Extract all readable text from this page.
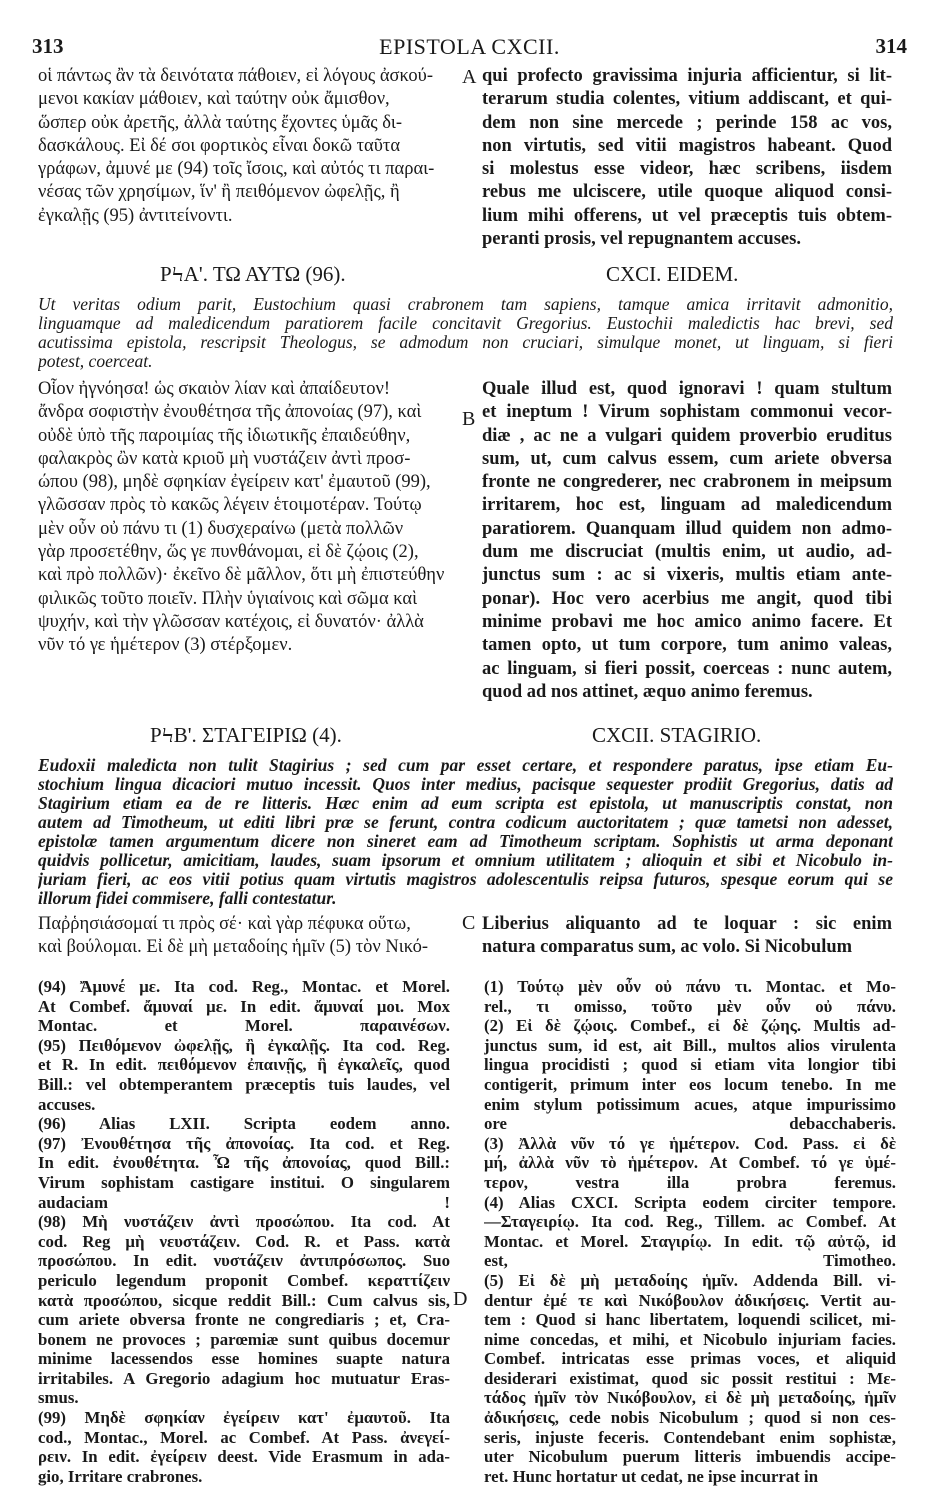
313	EPISTOLA CXCII.	314
οἱ πάντως ἂν τὰ δεινότατα πάθοιεν, εἰ λόγους ἀσκού-
μενοι κακίαν μάθοιεν, καὶ ταύτην οὐκ ἄμισθον,
ὥσπερ οὐκ ἀρετῆς, ἀλλὰ ταύτης ἔχοντες ὑμᾶς δι-
δασκάλους. Εἰ δέ σοι φορτικὸς εἶναι δοκῶ ταῦτα
γράφων, ἀμυνέ με (94) τοῖς ἴσοις, καὶ αὐτός τι παραι-
νέσας τῶν χρησίμων, ἵν' ἢ πειθόμενον ὠφελῇς, ἢ
ἐγκαλῇς (95) ἀντιτείνοντι.
A qui profecto gravissima injuria afficientur, si lit-
terarum studia colentes, vitium addiscant, et qui-
dem non sine mercede ; perinde 158 ac vos,
non virtutis, sed vitii magistros habeant. Quod
si molestus esse videor, hæc scribens, iisdem
rebus me ulciscere, utile quoque aliquod consi-
lium mihi offerens, ut vel præceptis tuis obtem-
peranti prosis, vel repugnantem accuses.
ΡϞΑ'. ΤΩ ΑΥΤΩ (96).	CXCI. EIDEM.
Ut veritas odium parit, Eustochium quasi crabronem tam sapiens, tamque amica irritavit admonitio,
linguamque ad maledicendum paratiorem facile concitavit Gregorius. Eustochii maledictis hac brevi, sed
acutissima epistola, rescripsit Theologus, se admodum non cruciari, simulque monet, ut linguam, si fieri
potest, coerceat.
Οἷον ἠγνόησα! ὡς σκαιὸν λίαν καὶ ἀπαίδευτον!
ἄνδρα σοφιστὴν ἐνουθέτησα τῆς ἀπονοίας (97), καὶ
οὐδὲ ὑπὸ τῆς παροιμίας τῆς ἰδιωτικῆς ἐπαιδεύθην,
φαλακρὸς ὢν κατὰ κριοῦ μὴ νυστάζειν ἀντὶ προσ-
ώπου (98), μηδὲ σφηκίαν ἐγείρειν κατ' ἐμαυτοῦ (99),
γλῶσσαν πρὸς τὸ κακῶς λέγειν ἑτοιμοτέραν. Τούτῳ
μὲν οὖν οὐ πάνυ τι (1) δυσχεραίνω (μετὰ πολλῶν
γὰρ προσετέθην, ὥς γε πυνθάνομαι, εἰ δὲ ζῴοις (2),
καὶ πρὸ πολλῶν)· ἐκεῖνο δὲ μᾶλλον, ὅτι μὴ ἐπιστεύθην
φιλικῶς τοῦτο ποιεῖν. Πλὴν ὑγιαίνοις καὶ σῶμα καὶ
ψυχήν, καὶ τὴν γλῶσσαν κατέχοις, εἰ δυνατόν· ἀλλὰ
νῦν τό γε ἡμέτερον (3) στέρξομεν.
B
Quale illud est, quod ignoravi ! quam stultum
et ineptum ! Virum sophistam commonui vecor-
diæ , ac ne a vulgari quidem proverbio eruditus
sum, ut, cum calvus essem, cum ariete obversa
fronte ne congrederer, nec crabronem in meipsum
irritarem, hoc est, linguam ad maledicendum
paratiorem. Quanquam illud quidem non admo-
dum me discruciat (multis enim, ut audio, ad-
junctus sum : ac si vixeris, multis etiam ante-
ponar). Hoc vero acerbius me angit, quod tibi
minime probavi me hoc amico animo facere. Et
tamen opto, ut tum corpore, tum animo valeas,
ac linguam, si fieri possit, coerceas : nunc autem,
quod ad nos attinet, æquo animo feremus.
ΡϞΒ'. ΣΤΑΓΕΙΡΙΩ (4).	CXCII. STAGIRIO.
Eudoxii maledicta non tulit Stagirius ; sed cum par esset certare, et respondere paratus, ipse etiam Eu-
stochium lingua dicaciori mutuo incessit. Quos inter medius, pacisque sequester prodiit Gregorius, datis ad
Stagirium etiam ea de re litteris. Hæc enim ad eum scripta est epistola, ut manuscriptis constat, non
autem ad Timotheum, ut editi libri præ se ferunt, contra codicum auctoritatem ; quæ tametsi non adesset,
epistolæ tamen argumentum dicere non sineret eam ad Timotheum scriptam. Sophistis ut arma deponant
quidvis pollicetur, amicitiam, laudes, suam ipsorum et omnium utilitatem ; alioquin et sibi et Nicobulo in-
juriam fieri, ac eos vitii potius quam virtutis magistros adolescentulis reipsa futuros, spesque eorum qui se
illorum fidei commisere, falli contestatur.
Παῤῥησιάσομαί τι πρὸς σέ· καὶ γὰρ πέφυκα οὕτω,
καὶ βούλομαι. Εἰ δὲ μὴ μεταδοίης ἡμῖν (5) τὸν Νικό-
C Liberius aliquanto ad te loquar : sic enim
natura comparatus sum, ac volo. Si Nicobulum
(94) Ἄμυνέ με. Ita cod. Reg., Montac. et Morel.
At Combef. ἄμυναί με. In edit. ἄμυναί μοι. Mox
Montac. et Morel. παραινέσων.
(95) Πειθόμενον ὠφελῇς, ἢ ἐγκαλῇς. Ita cod. Reg.
et R. In edit. πειθόμενον ἐπαινῇς, ἢ ἐγκαλεῖς, quod
Bill.: vel obtemperantem præceptis tuis laudes, vel
accuses.
(96) Alias LXII. Scripta eodem anno.
(97) Ἐνουθέτησα τῆς ἀπονοίας. Ita cod. et Reg.
In edit. ἐνουθέτητα. Ὦ τῆς ἀπονοίας, quod Bill.:
Virum sophistam castigare institui. O singularem
audaciam !
(98) Μὴ νυστάζειν ἀντὶ προσώπου. Ita cod. At
cod. Reg μὴ νευστάζειν. Cod. R. et Pass. κατὰ
προσώπου. In edit. νυστάζειν ἀντιπρόσωπος. Suo
periculo legendum proponit Combef. κεραττίζειν
κατὰ προσώπου, sicque reddit Bill.: Cum calvus sis,
cum ariete obversa fronte ne congrediaris ; et, Cra-
bonem ne provoces ; parœmiæ sunt quibus docemur
minime lacessendos esse homines suapte natura
irritabiles. A Gregorio adagium hoc mutuatur Eras-
smus.
(99) Μηδὲ σφηκίαν ἐγείρειν κατ' ἐμαυτοῦ. Ita
cod., Montac., Morel. ac Combef. At Pass. ἀνεγεί-
ρειν. In edit. ἐγείρειν deest. Vide Erasmum in ada-
gio, Irritare crabrones.
D
(1) Τούτῳ μὲν οὖν οὐ πάνυ τι. Montac. et Mo-
rel., τι omisso, τοῦτο μὲν οὖν οὐ πάνυ.
(2) Εἰ δὲ ζῴοις. Combef., εἰ δὲ ζῴης. Multis ad-
junctus sum, id est, ait Bill., multos alios virulenta
lingua procidisti ; quod si etiam vita longior tibi
contigerit, primum inter eos locum tenebo. In me
enim stylum potissimum acues, atque impurissimo
ore debacchaberis.
(3) Ἀλλὰ νῦν τό γε ἡμέτερον. Cod. Pass. εἰ δὲ
μή, ἀλλὰ νῦν τὸ ἡμέτερον. At Combef. τό γε ὑμέ-
τερον, vestra illa probra feremus.
(4) Alias CXCI. Scripta eodem circiter tempore.
—Σταγειρίῳ. Ita cod. Reg., Tillem. ac Combef. At
Montac. et Morel. Σταγιρίῳ. In edit. τῷ αὐτῷ, id
est, Timotheo.
(5) Εἰ δὲ μὴ μεταδοίης ἡμῖν. Addenda Bill. vi-
dentur ἐμέ τε καὶ Νικόβουλον ἀδικήσεις. Vertit au-
tem : Quod si hanc libertatem, loquendi scilicet, mi-
nime concedas, et mihi, et Nicobulo injuriam facies.
Combef. intricatas esse primas voces, et aliquid
desiderari existimat, quod sic possit restitui : Με-
τάδος ἡμῖν τὸν Νικόβουλον, εἰ δὲ μὴ μεταδοίης, ἡμῖν
ἀδικήσεις, cede nobis Nicobulum ; quod si non ces-
seris, injuste feceris. Contendebant enim sophistæ,
uter Nicobulum puerum litteris imbuendis accipe-
ret. Hunc hortatur ut cedat, ne ipse incurrat in
